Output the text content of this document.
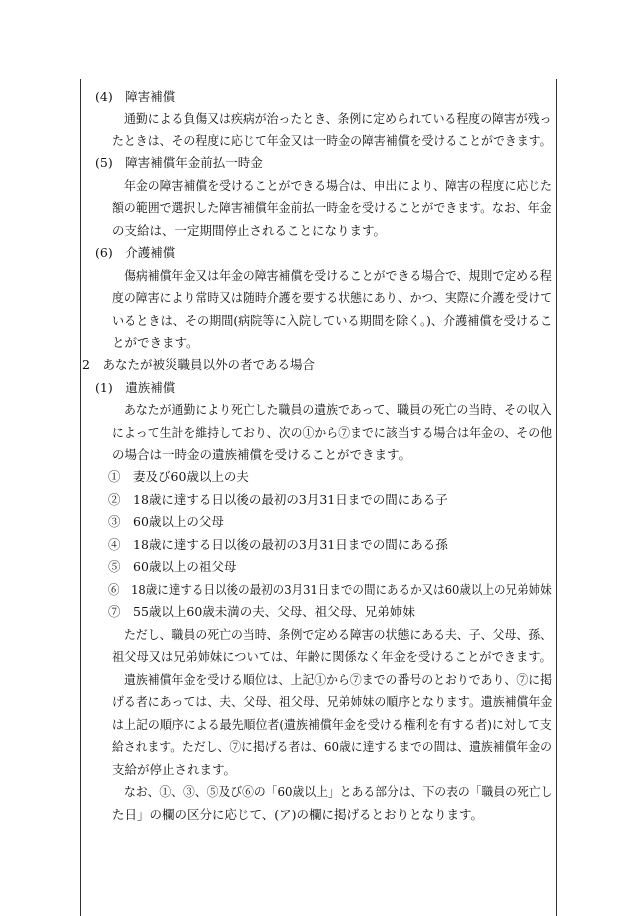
(4)　障害補償
通勤による負傷又は疾病が治ったとき、条例に定められている程度の障害が残っ
たときは、その程度に応じて年金又は一時金の障害補償を受けることができます。
(5)　障害補償年金前払一時金
年金の障害補償を受けることができる場合は、申出により、障害の程度に応じた
額の範囲で選択した障害補償年金前払一時金を受けることができます。なお、年金
の支給は、一定期間停止されることになります。
(6)　介護補償
傷病補償年金又は年金の障害補償を受けることができる場合で、規則で定める程
度の障害により常時又は随時介護を要する状態にあり、かつ、実際に介護を受けて
いるときは、その期間(病院等に入院している期間を除く。)、介護補償を受けるこ
とができます。
2　あなたが被災職員以外の者である場合
(1)　遺族補償
あなたが通勤により死亡した職員の遺族であって、職員の死亡の当時、その収入
によって生計を維持しており、次の①から⑦までに該当する場合は年金の、その他
の場合は一時金の遺族補償を受けることができます。
①　妻及び60歳以上の夫
②　18歳に達する日以後の最初の3月31日までの間にある子
③　60歳以上の父母
④　18歳に達する日以後の最初の3月31日までの間にある孫
⑤　60歳以上の祖父母
⑥　18歳に達する日以後の最初の3月31日までの間にあるか又は60歳以上の兄弟姉妹
⑦　55歳以上60歳未満の夫、父母、祖父母、兄弟姉妹
ただし、職員の死亡の当時、条例で定める障害の状態にある夫、子、父母、孫、
祖父母又は兄弟姉妹については、年齢に関係なく年金を受けることができます。
遺族補償年金を受ける順位は、上記①から⑦までの番号のとおりであり、⑦に掲
げる者にあっては、夫、父母、祖父母、兄弟姉妹の順序となります。遺族補償年金
は上記の順序による最先順位者(遺族補償年金を受ける権利を有する者)に対して支
給されます。ただし、⑦に掲げる者は、60歳に達するまでの間は、遺族補償年金の
支給が停止されます。
なお、①、③、⑤及び⑥の「60歳以上」とある部分は、下の表の「職員の死亡し
た日」の欄の区分に応じて、(ア)の欄に掲げるとおりとなります。
